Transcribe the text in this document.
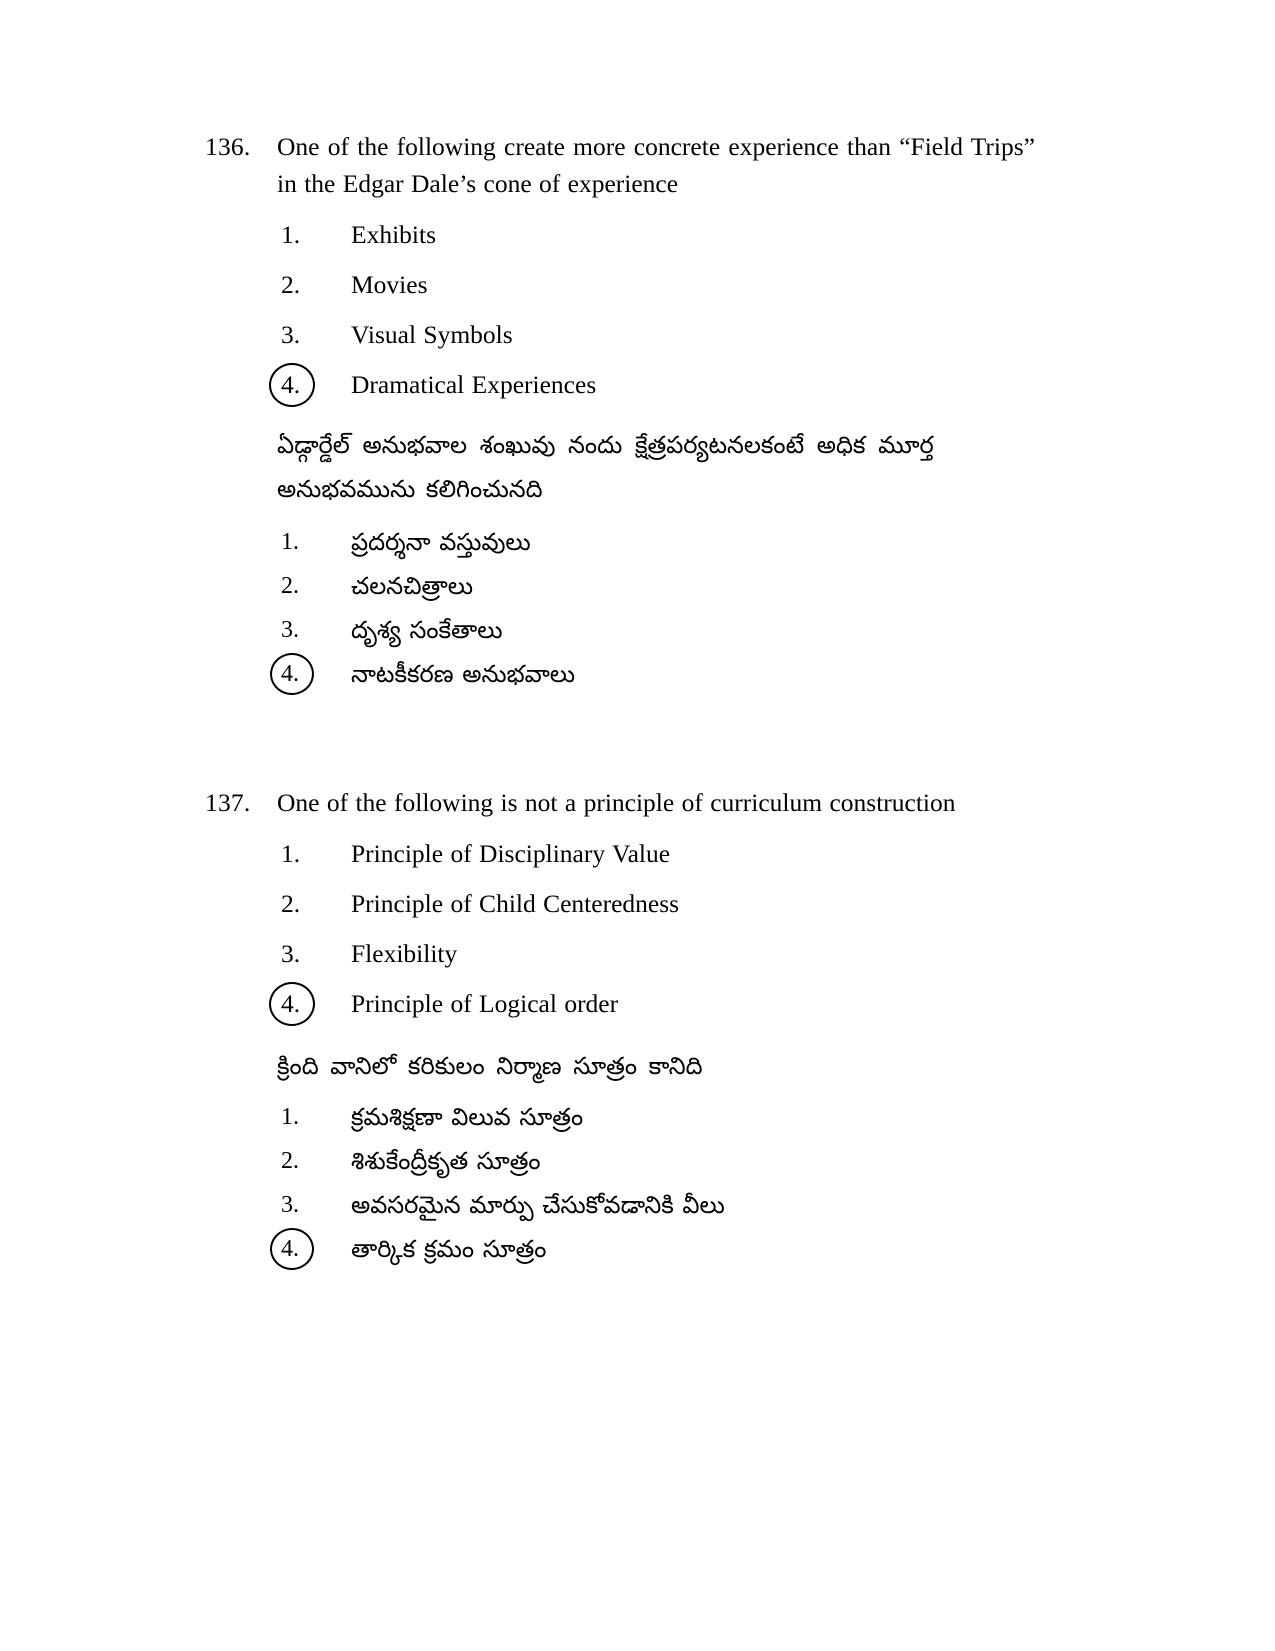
136.	One of the following create more concrete experience than “Field Trips” in the Edgar Dale’s cone of experience
1.	Exhibits
2.	Movies
3.	Visual Symbols
4.	Dramatical Experiences
ఏడ్గార్డేల్ అనుభవాల శంఖువు నందు క్షేత్రపర్యటనలకంటే అధిక మూర్త
అనుభవమును కలిగించునది
1.	ప్రదర్శనా వస్తువులు
2.	చలనచిత్రాలు
3.	దృశ్య సంకేతాలు
4.	నాటకీకరణ అనుభవాలు
137.	One of the following is not a principle of curriculum construction
1.	Principle of Disciplinary Value
2.	Principle of Child Centeredness
3.	Flexibility
4.	Principle of Logical order
క్రింది వానిలో కరికులం నిర్మాణ సూత్రం కానిది
1.	క్రమశిక్షణా విలువ సూత్రం
2.	శిశుకేంద్రీకృత సూత్రం
3.	అవసరమైన మార్పు చేసుకోవడానికి వీలు
4.	తార్కిక క్రమం సూత్రం
